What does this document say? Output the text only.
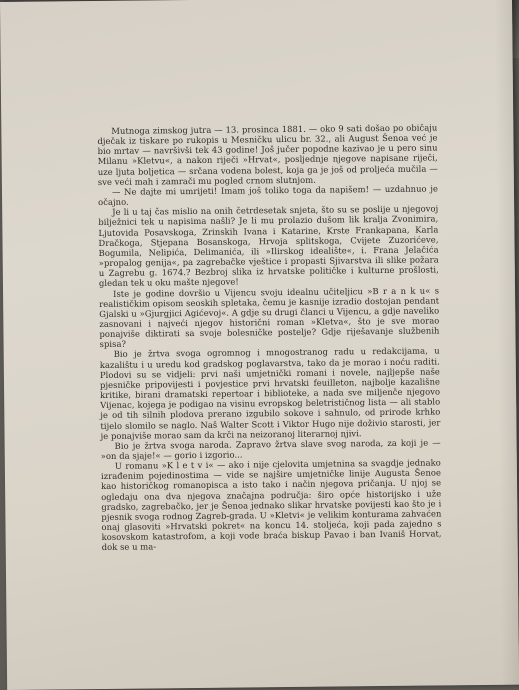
Mutnoga zimskog jutra — 13. prosinca 1881. — oko 9 sati došao po običaju dječak iz tiskare po rukopis u Mesničku ulicu br. 32., ali August Šenoa već je bio mrtav — navršivši tek 43 godine! Još jučer popodne kazivao je u pero sinu Milanu »Kletvu«, a nakon riječi »Hrvat«, posljednje njegove napisane riječi, uze ljuta boljetica — srčana vodena bolest, koja ga je još od proljeća mučila — sve veći mah i zamrači mu pogled crnom slutnjom.

— Ne dajte mi umrijeti! Imam još toliko toga da napišem! — uzdahnuo je očajno.

Je li u taj čas mislio na onih četrdesetak snjeta, što su se poslije u njegovoj bilježnici tek u napisima našli? Je li mu prolazio dušom lik kralja Zvonimira, Ljutovida Posavskoga, Zrinskih Ivana i Katarine, Krste Frankapana, Karla Dračkoga, Stjepana Bosanskoga, Hrvoja splitskoga, Cvijete Zuzorićeve, Bogumila, Nelipića, Delimanića, ili »Ilirskog idealište«, i. Frana Jelačića »propalog genija«, pa zagrebačke vještice i propasti Sjivarstva ili slike požara u Zagrebu g. 1674.? Bezbroj slika iz hrvatske političke i kulturne prošlosti, gledan tek u oku mašte njegove!

Iste je godine dovršio u Vijencu svoju idealnu učiteljicu »B r a n k u« s realističkim opisom seoskih spletaka, čemu je kasnije izradio dostojan pendant Gjalski u »Gjurgjici Agićevoj«. A gdje su drugi članci u Vijencu, a gdje naveliko zasnovani i najveći njegov historični roman »Kletva«, što je sve morao ponajviše diktirati sa svoje bolesničke postelje? Gdje riješavanje službenih spisa?

Bio je žrtva svoga ogromnog i mnogostranog radu u redakcijama, u kazalištu i u uredu kod gradskog poglavarstva, tako da je morao i noću raditi. Plodovi su se vidjeli: prvi naši umjetnički romani i novele, najljepše naše pjesničke pripovijesti i povjestice prvi hrvatski feuilleton, najbolje kazališne kritike, birani dramatski repertoar i biblioteke, a nada sve milјenče njegovo Vijenac, kojega je podigao na visinu evropskog beletrističnog lista — ali stablo je od tih silnih plodova prerano izgubilo sokove i sahnulo, od prirode krhko tijelo slomilo se naglo. Naš Walter Scott i Viktor Hugo nije doživio starosti, jer je ponajviše morao sam da krči na neizoranoj literarnoj njivi.

Bio je žrtva svoga naroda. Zapravo žrtva slave svog naroda, za koji je — »on da sjaje!« — gorio i izgorio...

U romanu »K l e t v i« — ako i nije cjelovita umjetnina sa svagdje jednako izrađenim pojedinostima — vide se najšire umjetničke linije Augusta Šenoe kao historičkog romanopisca a isto tako i način njegova pričanja. U njoj se ogledaju ona dva njegova značajna područja: širo opće historijsko i uže gradsko, zagrebačko, jer je Šenoa jednako slikar hrvatske povijesti kao što je i pjesnik svoga rodnog Zagreb-grada. U »Kletvi« je velikim konturama zahvaćen onaj glasoviti »Hrvatski pokret« na koncu 14. stoljeća, koji pada zajedno s kosovskom katastrofom, a koji vode braća biskup Pavao i ban Ivaniš Horvat, dok se u ma-
